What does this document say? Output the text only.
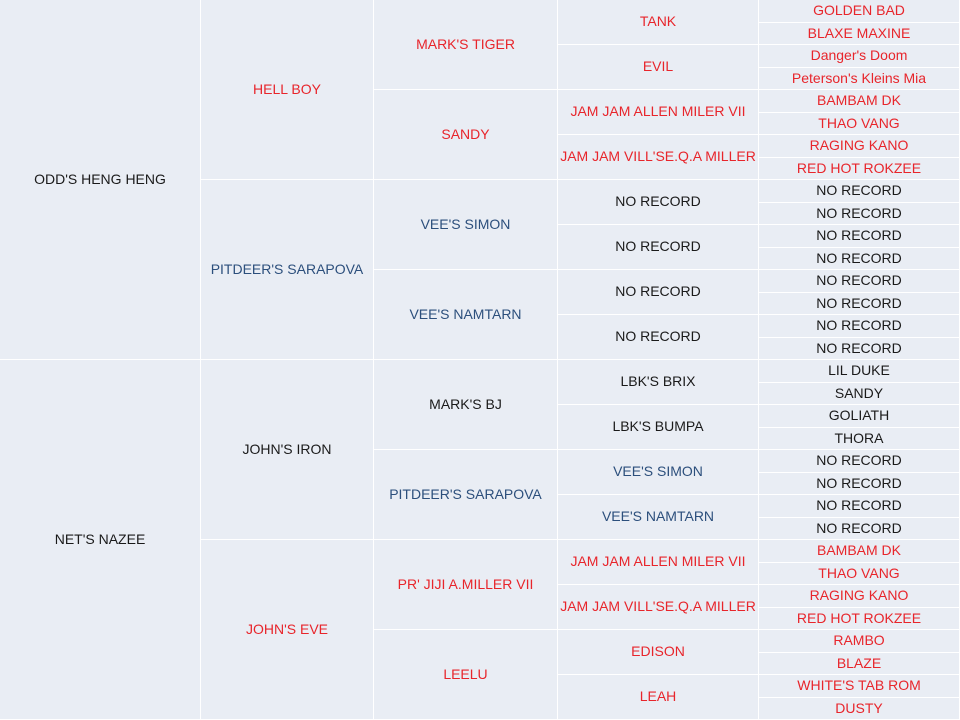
ODD'S HENG HENG
HELL BOY
MARK'S TIGER
TANK
GOLDEN BAD
BLAXE MAXINE
EVIL
Danger's Doom
Peterson's Kleins Mia
SANDY
JAM JAM ALLEN MILER VII
BAMBAM DK
THAO VANG
JAM JAM VILL'SE.Q.A MILLER
RAGING KANO
RED HOT ROKZEE
PITDEER'S SARAPOVA
VEE'S SIMON
NO RECORD
NO RECORD
NO RECORD
NO RECORD
NO RECORD
NO RECORD
VEE'S NAMTARN
NO RECORD
NO RECORD
NO RECORD
NO RECORD
NO RECORD
NO RECORD
NET'S NAZEE
JOHN'S IRON
MARK'S BJ
LBK'S BRIX
LIL DUKE
SANDY
LBK'S BUMPA
GOLIATH
THORA
PITDEER'S SARAPOVA
VEE'S SIMON
NO RECORD
NO RECORD
VEE'S NAMTARN
NO RECORD
NO RECORD
JOHN'S EVE
PR' JIJI A.MILLER VII
JAM JAM ALLEN MILER VII
BAMBAM DK
THAO VANG
JAM JAM VILL'SE.Q.A MILLER
RAGING KANO
RED HOT ROKZEE
LEELU
EDISON
RAMBO
BLAZE
LEAH
WHITE'S TAB ROM
DUSTY
